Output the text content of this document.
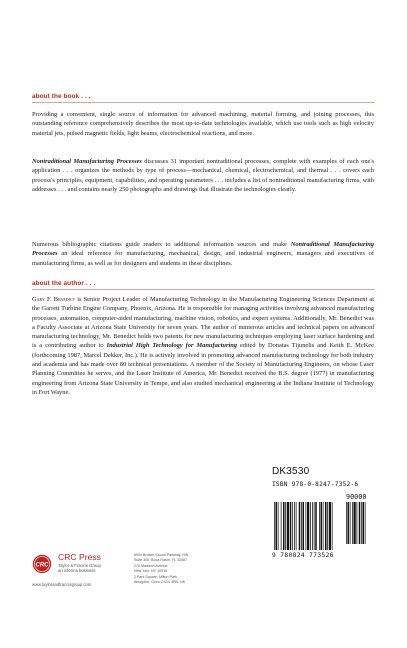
about the book . . .

Providing a convenient, single source of information for advanced machining, material forming, and joining processes, this outstanding reference comprehensively describes the most up-to-date technologies available, which use tools such as high velocity material jets, pulsed magnetic fields, light beams, electrochemical reactions, and more.

Nontraditional Manufacturing Processes discusses 31 important nontraditional processes, complete with examples of each one's application . . . organizes the methods by type of process—mechanical, chemical, electrochemical, and thermal . . . covers each process's principles, equipment, capabilities, and operating parameters . . . includes a list of nontraditional manufacturing firms, with addresses . . . and contains nearly 250 photographs and drawings that illustrate the technologies clearly.

Numerous bibliographic citations guide readers to additional information sources and make Nontraditional Manufacturing Processes an ideal reference for manufacturing, mechanical, design, and industrial engineers, managers and executives of manufacturing firms, as well as for designers and students in these disciplines.

about the author . . .

Gary F. Benedict is Senior Project Leader of Manufacturing Technology in the Manufacturing Engineering Sciences Department at the Garrett Turbine Engine Company, Phoenix, Arizona. He is responsible for managing activities involving advanced manufacturing processes, automation, computer-aided manufacturing, machine vision, robotics, and expert systems. Additionally, Mr. Benedict was a Faculty Associate at Arizona State University for seven years. The author of numerous articles and technical papers on advanced manufacturing technology, Mr. Benedict holds two patents for new manufacturing techniques employing laser surface hardening and is a contributing author to Industrial High Technology for Manufacturing edited by Donatas Tijunelis and Keith E. McKee (forthcoming 1987, Marcel Dekker, Inc.). He is actively involved in promoting advanced manufacturing technology for both industry and academia and has made over 80 technical presentations. A member of the Society of Manufacturing Engineers, on whose Laser Planning Committee he serves, and the Laser Institute of America, Mr. Benedict received the B.S. degree (1977) in manufacturing engineering from Arizona State University in Tempe, and also studied mechanical engineering at the Indiana Institute of Technology in Fort Wayne.

DK3530
ISBN 978-0-8247-7352-6
90000
9 780824 773526
CRC
CRC Press
Taylor & Francis Group
an informa business
www.taylorandfrancisgroup.com
6000 Broken Sound Parkway, NW
Suite 300, Boca Raton, FL 33487
270 Madison Avenue
New York, NY 10016
2 Park Square, Milton Park
Abingdon, Oxon OX14 4RN, UK
